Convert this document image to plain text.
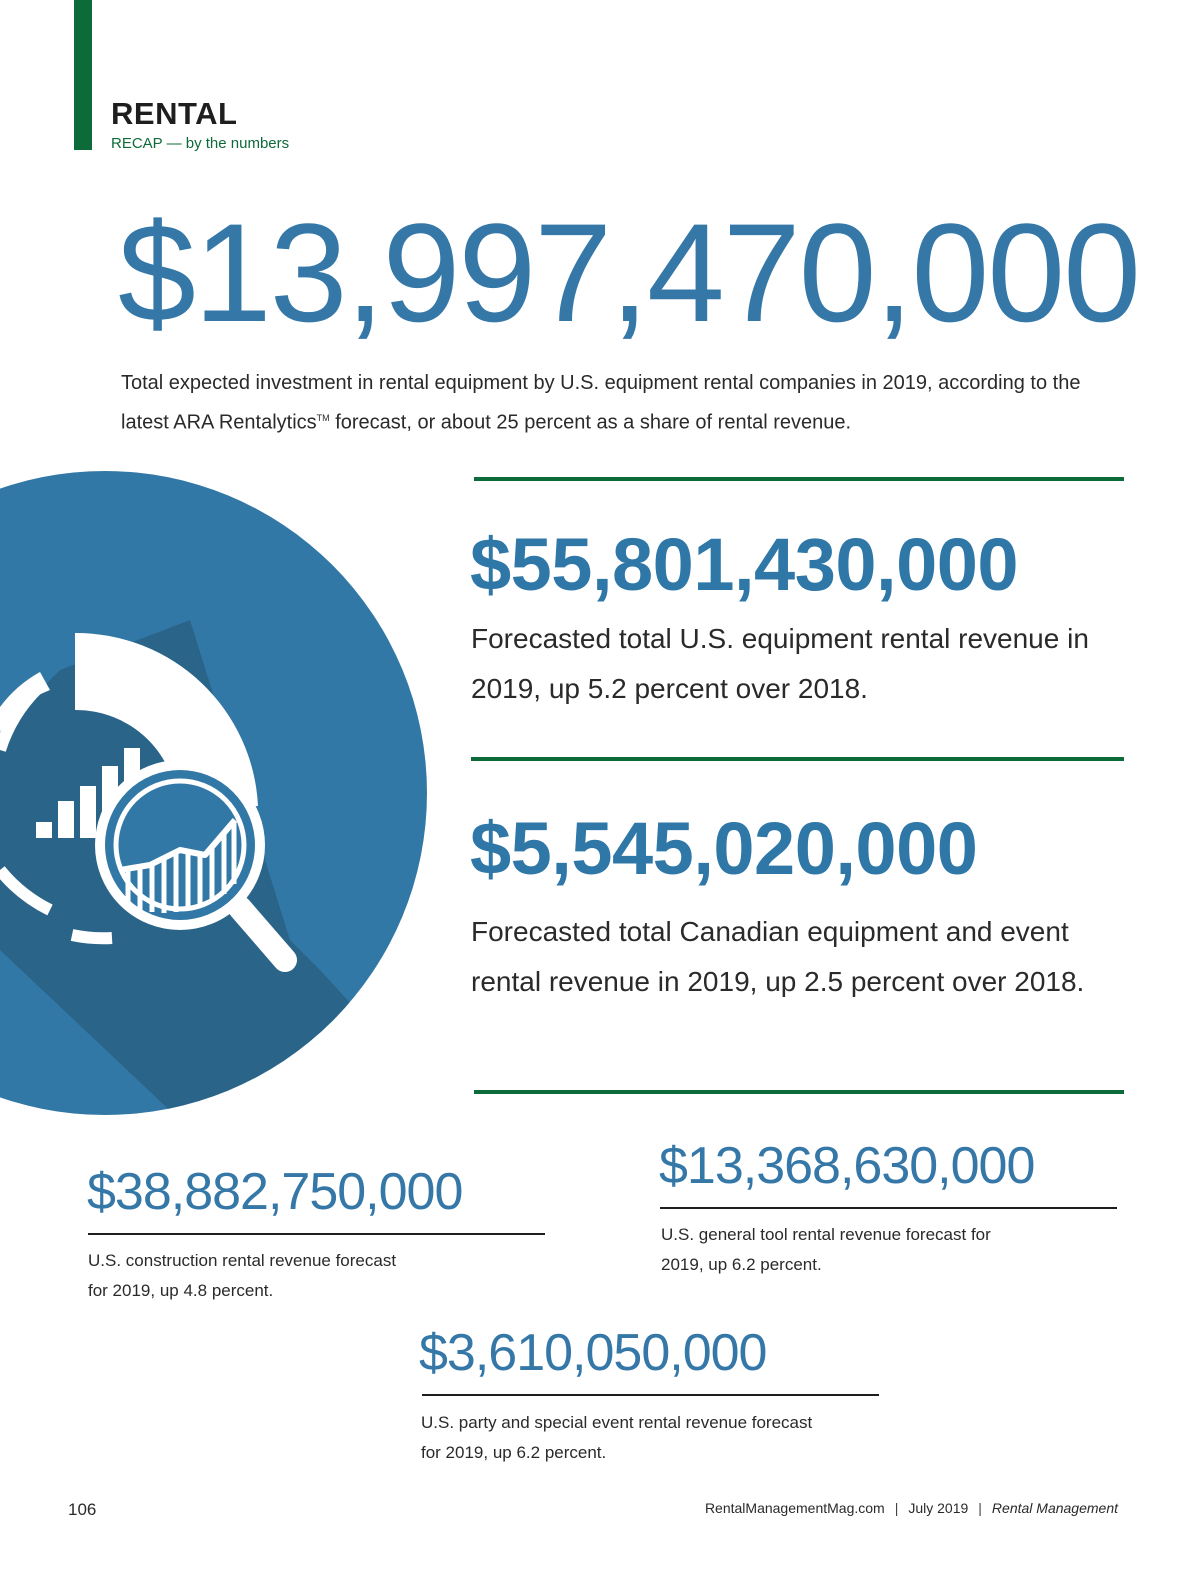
RENTAL
RECAP — by the numbers
$13,997,470,000
Total expected investment in rental equipment by U.S. equipment rental companies in 2019, according to the latest ARA Rentalytics™ forecast, or about 25 percent as a share of rental revenue.
$55,801,430,000
Forecasted total U.S. equipment rental revenue in 2019, up 5.2 percent over 2018.
$5,545,020,000
Forecasted total Canadian equipment and event rental revenue in 2019, up 2.5 percent over 2018.
$38,882,750,000
U.S. construction rental revenue forecast
for 2019, up 4.8 percent.
$13,368,630,000
U.S. general tool rental revenue forecast for
2019, up 6.2 percent.
$3,610,050,000
U.S. party and special event rental revenue forecast
for 2019, up 6.2 percent.
106	RentalManagementMag.com | July 2019 | Rental Management
